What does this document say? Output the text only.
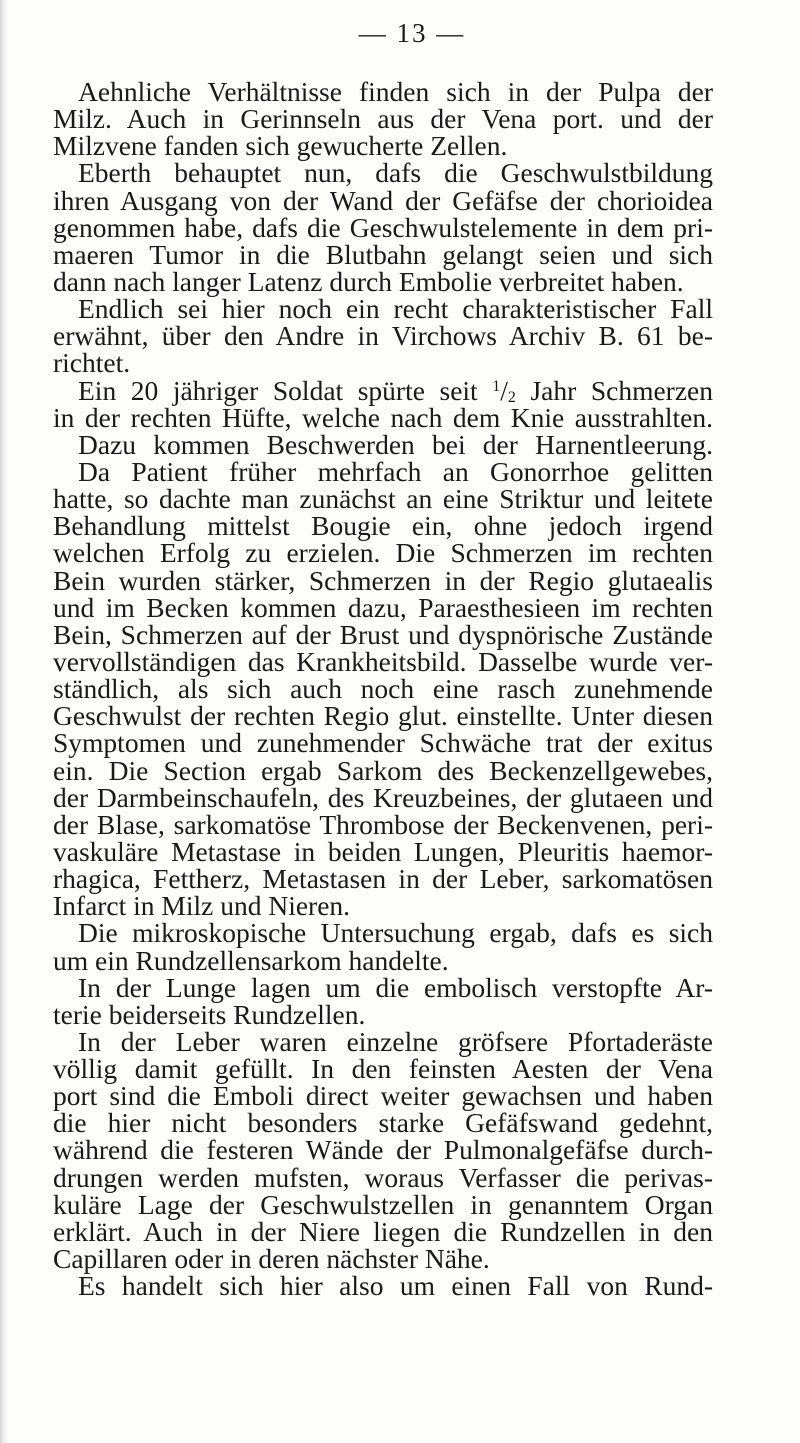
— 13 —
Aehnliche Verhältnisse finden sich in der Pulpa der
Milz. Auch in Gerinnseln aus der Vena port. und der
Milzvene fanden sich gewucherte Zellen.
Eberth behauptet nun, dafs die Geschwulstbildung
ihren Ausgang von der Wand der Gefäfse der chorioidea
genommen habe, dafs die Geschwulstelemente in dem pri-
maeren Tumor in die Blutbahn gelangt seien und sich
dann nach langer Latenz durch Embolie verbreitet haben.
Endlich sei hier noch ein recht charakteristischer Fall
erwähnt, über den Andre in Virchows Archiv B. 61 be-
richtet.
Ein 20 jähriger Soldat spürte seit $^1/_2$ Jahr Schmerzen
in der rechten Hüfte, welche nach dem Knie ausstrahlten.
Dazu kommen Beschwerden bei der Harnentleerung.
Da Patient früher mehrfach an Gonorrhoe gelitten
hatte, so dachte man zunächst an eine Striktur und leitete
Behandlung mittelst Bougie ein, ohne jedoch irgend
welchen Erfolg zu erzielen. Die Schmerzen im rechten
Bein wurden stärker, Schmerzen in der Regio glutaealis
und im Becken kommen dazu, Paraesthesieen im rechten
Bein, Schmerzen auf der Brust und dyspnörische Zustände
vervollständigen das Krankheitsbild. Dasselbe wurde ver-
ständlich, als sich auch noch eine rasch zunehmende
Geschwulst der rechten Regio glut. einstellte. Unter diesen
Symptomen und zunehmender Schwäche trat der exitus
ein. Die Section ergab Sarkom des Beckenzellgewebes,
der Darmbeinschaufeln, des Kreuzbeines, der glutaeen und
der Blase, sarkomatöse Thrombose der Beckenvenen, peri-
vaskuläre Metastase in beiden Lungen, Pleuritis haemor-
rhagica, Fettherz, Metastasen in der Leber, sarkomatösen
Infarct in Milz und Nieren.
Die mikroskopische Untersuchung ergab, dafs es sich
um ein Rundzellensarkom handelte.
In der Lunge lagen um die embolisch verstopfte Ar-
terie beiderseits Rundzellen.
In der Leber waren einzelne gröfsere Pfortaderäste
völlig damit gefüllt. In den feinsten Aesten der Vena
port sind die Emboli direct weiter gewachsen und haben
die hier nicht besonders starke Gefäfswand gedehnt,
während die festeren Wände der Pulmonalgefäfse durch-
drungen werden mufsten, woraus Verfasser die perivas-
kuläre Lage der Geschwulstzellen in genanntem Organ
erklärt. Auch in der Niere liegen die Rundzellen in den
Capillaren oder in deren nächster Nähe.
Es handelt sich hier also um einen Fall von Rund-
